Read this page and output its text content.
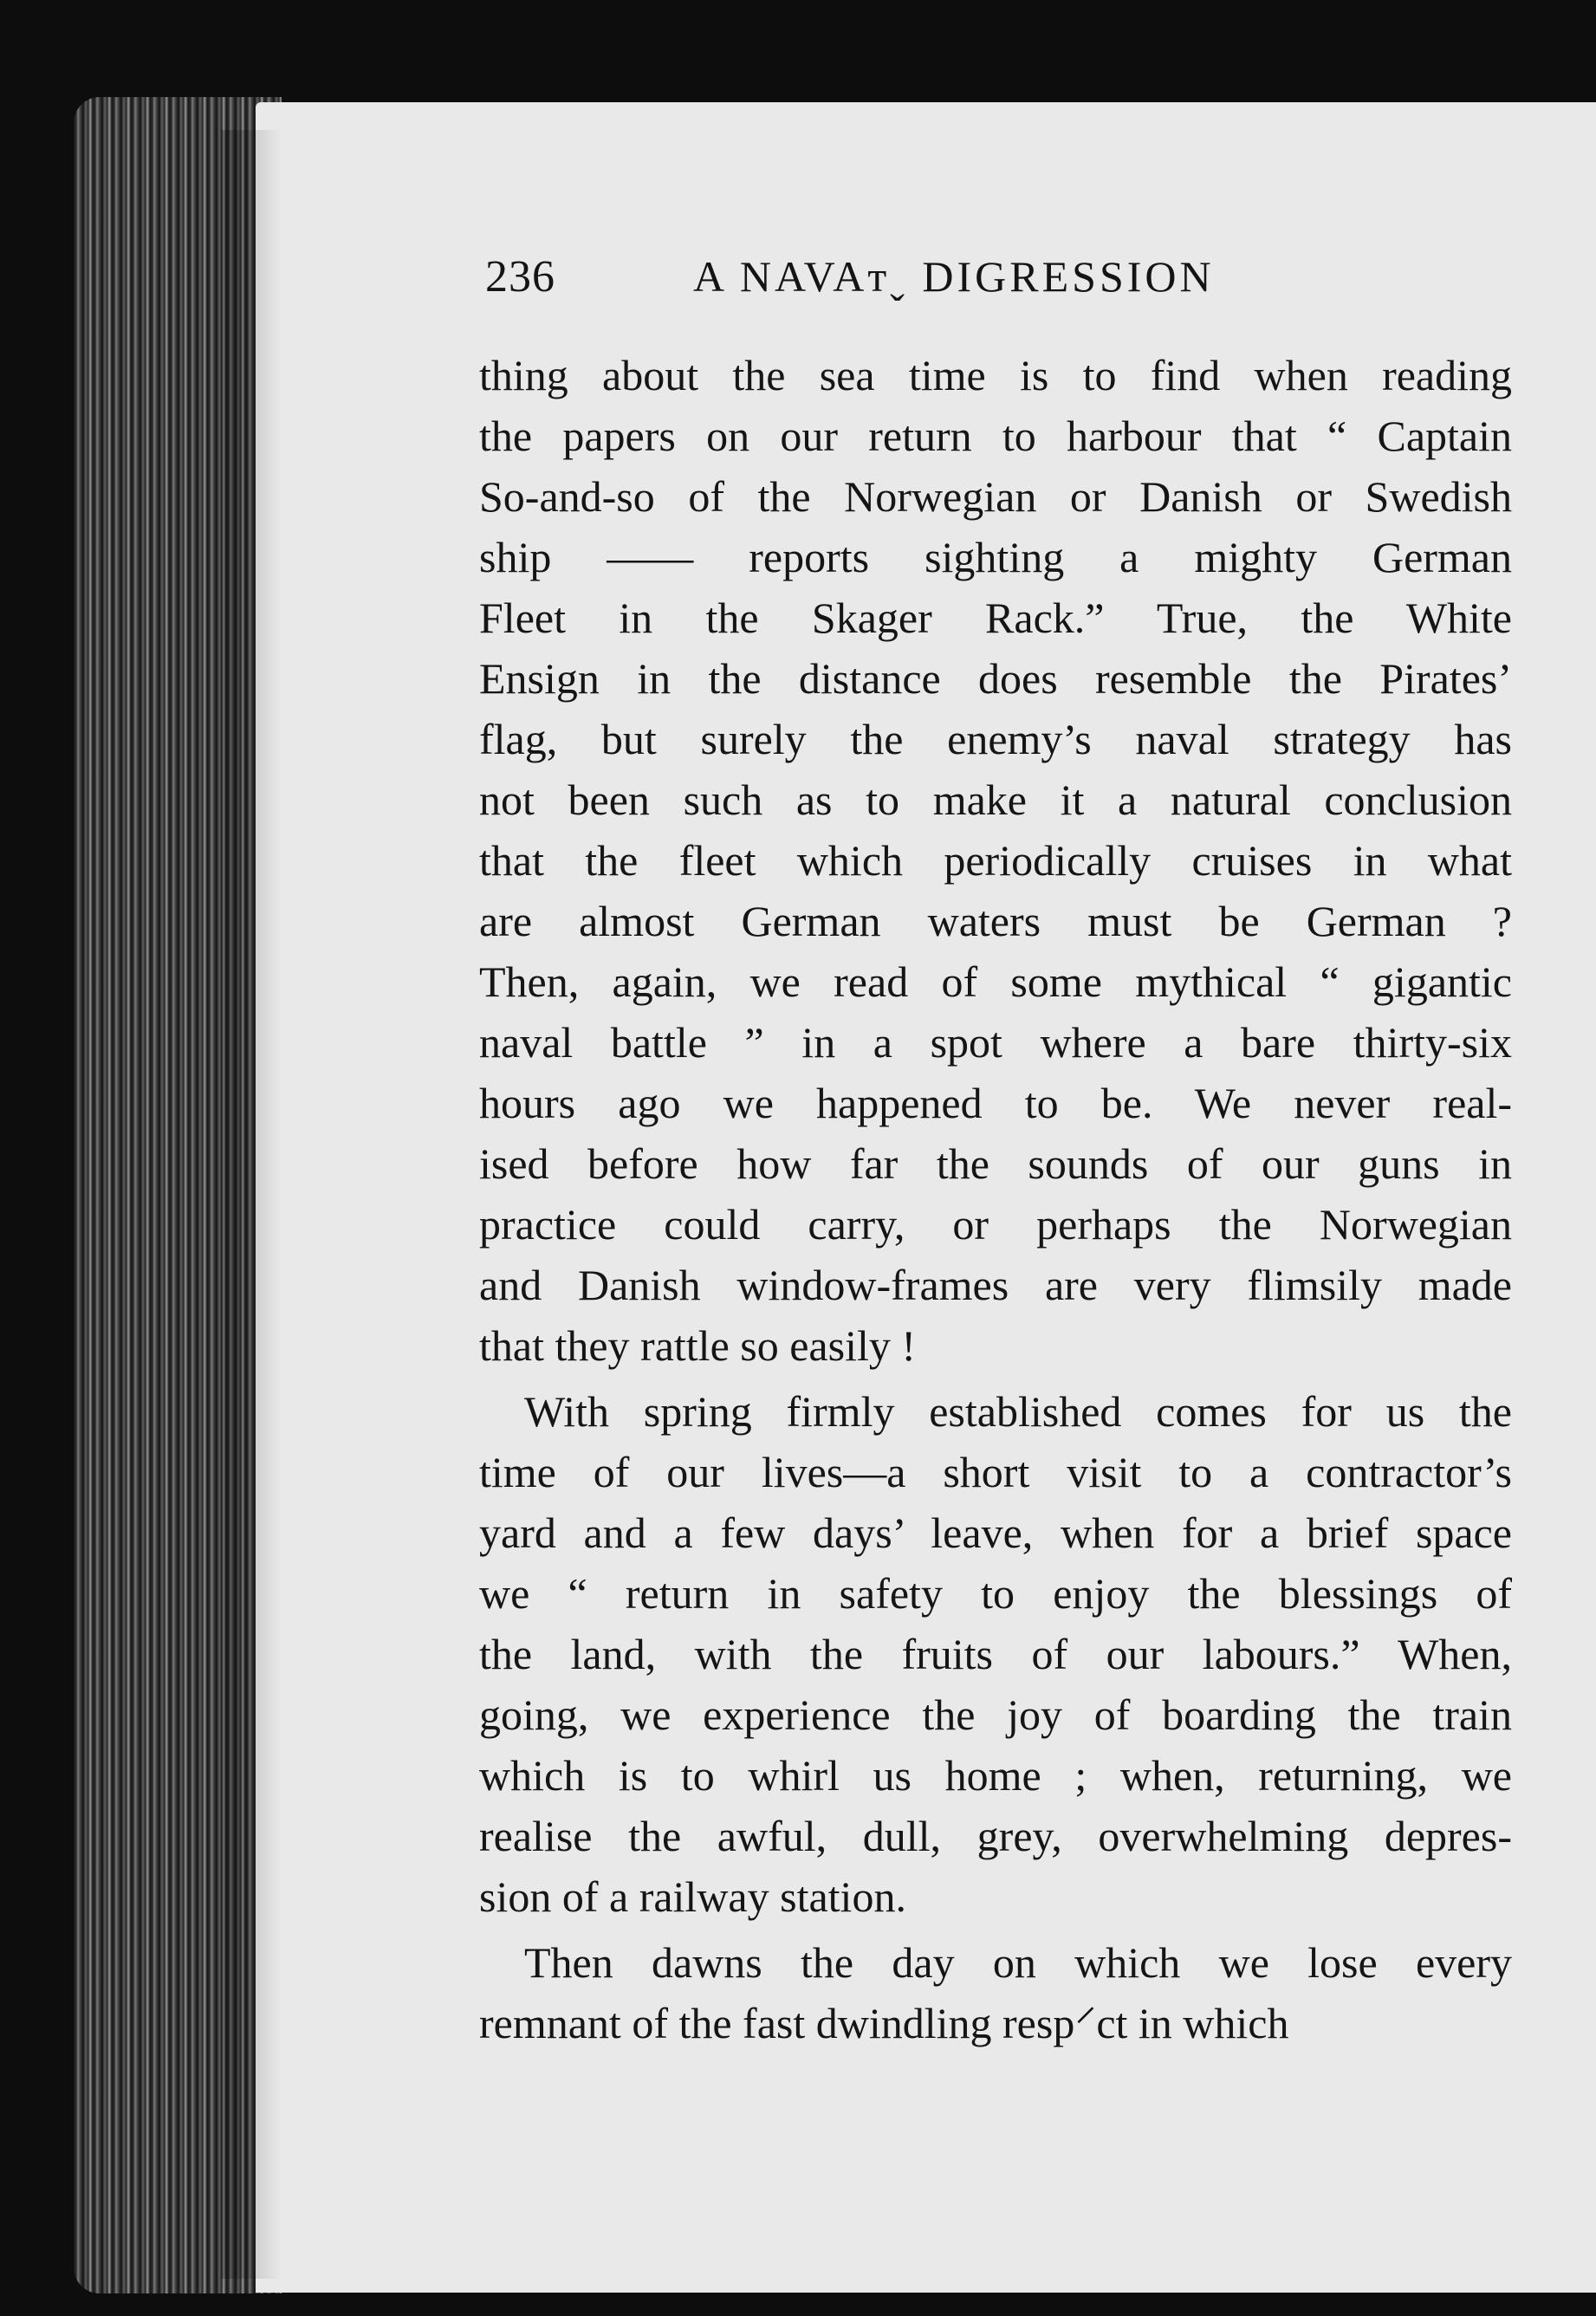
236	A NAVAᴛˬ DIGRESSION
thing about the sea time is to find when reading
the papers on our return to harbour that “ Captain
So-and-so of the Norwegian or Danish or Swedish
ship —— reports sighting a mighty German
Fleet in the Skager Rack.” True, the White
Ensign in the distance does resemble the Pirates’
flag, but surely the enemy’s naval strategy has
not been such as to make it a natural conclusion
that the fleet which periodically cruises in what
are almost German waters must be German ?
Then, again, we read of some mythical “ gigantic
naval battle ” in a spot where a bare thirty-six
hours ago we happened to be. We never real-
ised before how far the sounds of our guns in
practice could carry, or perhaps the Norwegian
and Danish window-frames are very flimsily made
that they rattle so easily !
With spring firmly established comes for us the
time of our lives—a short visit to a contractor’s
yard and a few days’ leave, when for a brief space
we “ return in safety to enjoy the blessings of
the land, with the fruits of our labours.” When,
going, we experience the joy of boarding the train
which is to whirl us home ; when, returning, we
realise the awful, dull, grey, overwhelming depres-
sion of a railway station.
Then dawns the day on which we lose every
remnant of the fast dwindling resp⸍ct in which
